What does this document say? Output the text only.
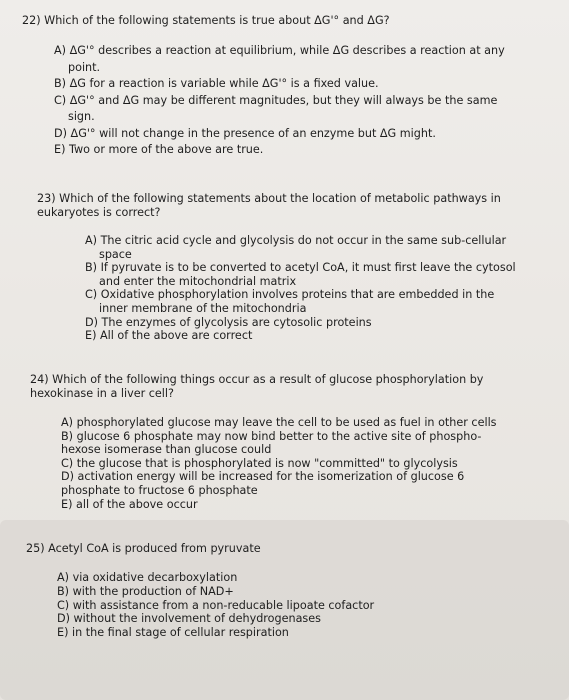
22) Which of the following statements is true about ΔG'° and ΔG?

A) ΔG'° describes a reaction at equilibrium, while ΔG describes a reaction at any point.
B) ΔG for a reaction is variable while ΔG'° is a fixed value.
C) ΔG'° and ΔG may be different magnitudes, but they will always be the same sign.
D) ΔG'° will not change in the presence of an enzyme but ΔG might.
E) Two or more of the above are true.

23) Which of the following statements about the location of metabolic pathways in eukaryotes is correct?

A) The citric acid cycle and glycolysis do not occur in the same sub-cellular space
B) If pyruvate is to be converted to acetyl CoA, it must first leave the cytosol and enter the mitochondrial matrix
C) Oxidative phosphorylation involves proteins that are embedded in the inner membrane of the mitochondria
D) The enzymes of glycolysis are cytosolic proteins
E) All of the above are correct

24) Which of the following things occur as a result of glucose phosphorylation by hexokinase in a liver cell?

A) phosphorylated glucose may leave the cell to be used as fuel in other cells
B) glucose 6 phosphate may now bind better to the active site of phospho- hexose isomerase than glucose could
C) the glucose that is phosphorylated is now "committed" to glycolysis
D) activation energy will be increased for the isomerization of glucose 6 phosphate to fructose 6 phosphate
E) all of the above occur

25) Acetyl CoA is produced from pyruvate

A) via oxidative decarboxylation
B) with the production of NAD+
C) with assistance from a non-reducable lipoate cofactor
D) without the involvement of dehydrogenases
E) in the final stage of cellular respiration
